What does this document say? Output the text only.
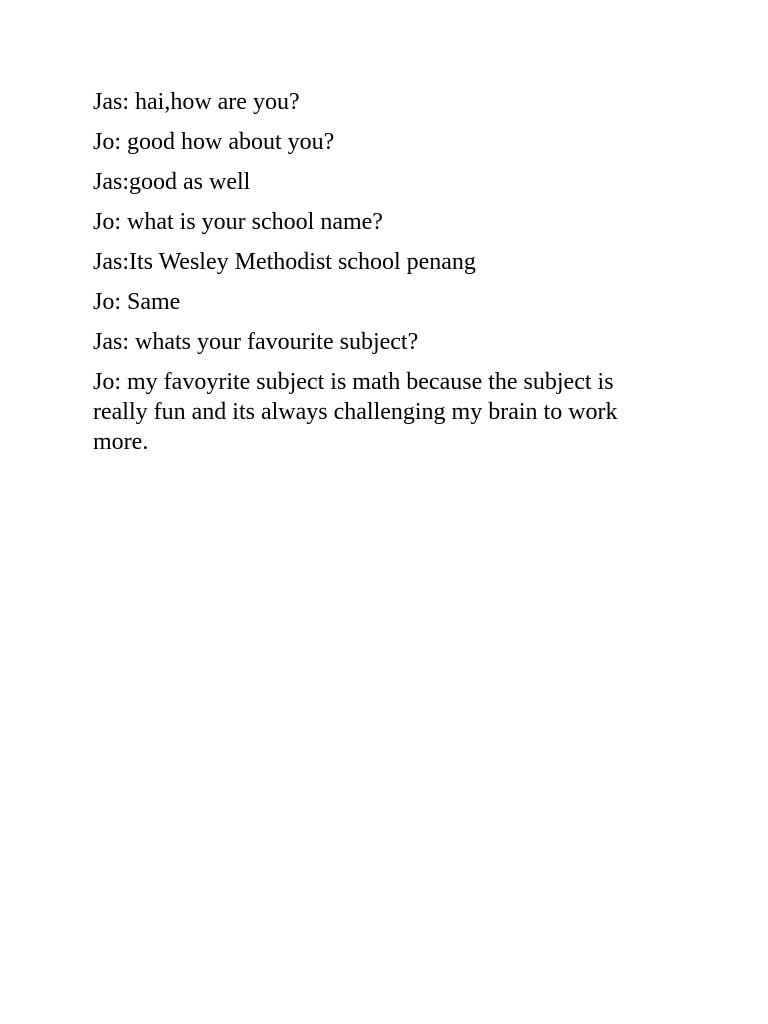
Jas: hai,how are you?

Jo: good how about you?

Jas:good as well

Jo: what is your school name?

Jas:Its Wesley Methodist school penang

Jo: Same

Jas: whats your favourite subject?

Jo: my favoyrite subject is math because the subject is really fun and its always challenging my brain to work more.
